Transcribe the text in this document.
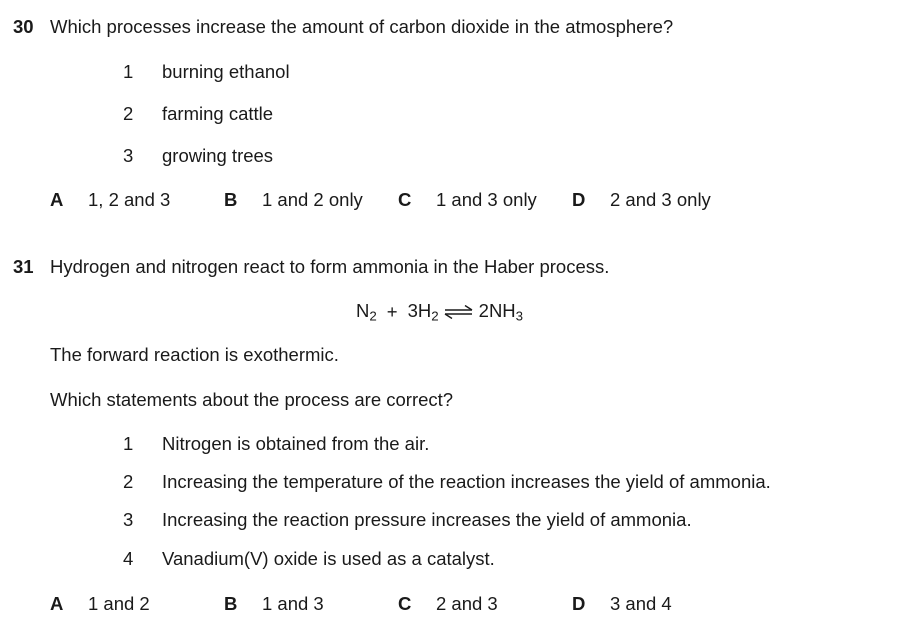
30 Which processes increase the amount of carbon dioxide in the atmosphere?
1 burning ethanol
2 farming cattle
3 growing trees
A 1, 2 and 3	B 1 and 2 only C 1 and 3 only D 2 and 3 only
31 Hydrogen and nitrogen react to form ammonia in the Haber process.
$N_2 + 3H_2$ ⇌ $2NH_3$
The forward reaction is exothermic.
Which statements about the process are correct?
1 Nitrogen is obtained from the air.
2 Increasing the temperature of the reaction increases the yield of ammonia.
3 Increasing the reaction pressure increases the yield of ammonia.
4 Vanadium(V) oxide is used as a catalyst.
A 1 and 2	B 1 and 3	C 2 and 3	D 3 and 4
